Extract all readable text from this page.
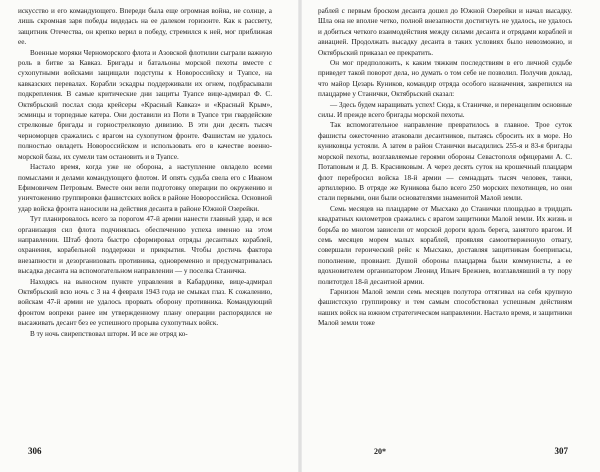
искусство и его командующего. Впереди была еще огромная война, не солнце, а лишь скромная заря победы видедась на ее далеком горизонте. Как к рассвету, защитник Отечества, он крепко верил в победу, стремился к ней, мог приближая ее.

Военные моряки Черноморского флота и Азовской флотилии сыграли важную роль в битве за Кавказ. Бригады и батальоны морской пехоты вместе с сухопутными войсками защищали подступы к Новороссийску и Туапсе, на кавказских перевалах. Корабли эскадры поддерживали их огнем, подбрасывали подкрепления. В самые критические дни защиты Туапсе вице-адмирал Ф. С. Октябрьский послал сюда крейсеры «Красный Кавказ» и «Красный Крым», эсминцы и торпедные катера. Они доставили из Поти в Туапсе три гвардейские стрелковые бригады и горнострелковую дивизию. В эти дни десять тысяч черноморцев сражались с врагом на сухопутном фронте. Фашистам не удалось полностью овладеть Новороссийском и использовать его в качестве военно-морской базы, их сумели там остановить и в Туапсе.

Настало время, когда уже не оборона, а наступление овладело всеми помыслами и делами командующего флотом. И опять судьба свела его с Иваном Ефимовичем Петровым. Вместе они вели подготовку операции по окружению и уничтожению группировки фашистских войск в районе Новороссийска. Основной удар войска фронта наносили на действия десанта в районе Южной Озерейки.

Тут планировалось всего за порогом 47-й армии нанести главный удар, и вся организация сил флота подчинялась обеспечению успеха именно на этом направлении. Штаб флота быстро сформировал отряды десантных кораблей, охранения, корабельной поддержки и прикрытия. Чтобы достичь фактора внезапности и дезорганизовать противника, одновременно и предусматривалась высадка десанта на вспомогательном направлении — у поселка Станичка.

Находясь на выносном пункте управления в Кабардинке, вице-адмирал Октябрьский всю ночь с 3 на 4 февраля 1943 года не смыкал глаз. К сожалению, войскам 47-й армии не удалось прорвать оборону противника. Командующий фронтом вопреки ранее им утвержденному плану операции распорядился не высаживать десант без ее успешного прорыва сухопутных войск.

В ту ночь свирепствовал шторм. И все же отряд ко-

306

раблей с первым броском десанта дошел до Южной Озерейки и начал высадку. Шла она не вполне четко, полной внезапности достигнуть не удалось, не удалось и добиться четкого взаимодействия между силами десанта и отрядами кораблей и авиацией. Продолжать высадку десанта в таких условиях было невозможно, и Октябрьский приказал ее прекратить.

Он мог предположить, к каким тяжким последствиям в его личной судьбе приведет такой поворот дела, но думать о том себе не позволил. Получив доклад, что майор Цезарь Куников, командир отряда особого назначения, закрепился на плацдарме у Станички, Октябрьский сказал:

— Здесь будем наращивать успех! Сюда, к Станичке, и перенацелим основные силы. И прежде всего бригады морской пехоты.

Так вспомогательное направление превратилось в главное. Трое суток фашисты ожесточенно атаковали десантников, пытаясь сбросить их в море. Но куниковцы устояли. А затем в район Станички высадились 255-я и 83-я бригады морской пехоты, возглавляемые героями обороны Севастополя офицерами А. С. Потаповым и Д. В. Красниковым. А через десять суток на крошечный плацдарм флот перебросил войска 18-й армии — семнадцать тысяч человек, танки, артиллерию. В отряде же Куникова было всего 250 морских пехотинцев, но они стали первыми, они были основателями знаменитой Малой земли.

Семь месяцев на плацдарме от Мысхако до Станички площадью в тридцать квадратных километров сражались с врагом защитники Малой земли. Их жизнь и борьба во многом зависели от морской дороги вдоль берега, занятого врагом. И семь месяцев морем малых кораблей, проявляя самоотверженную отвагу, совершали героический рейс к Мысхако, доставляя защитникам боеприпасы, пополнение, провиант. Душой обороны плацдарма были коммунисты, а ее вдохновителем организатором Леонид Ильич Брежнев, возглавлявший в ту пору политотдел 18-й десантной армии.

Гарнизон Малой земли семь месяцев полутора оттягивал на себя крупную фашистскую группировку и тем самым способствовал успешным действиям наших войск на южном стратегическом направлении. Настало время, и защитники Малой земли тоже

20*	307
